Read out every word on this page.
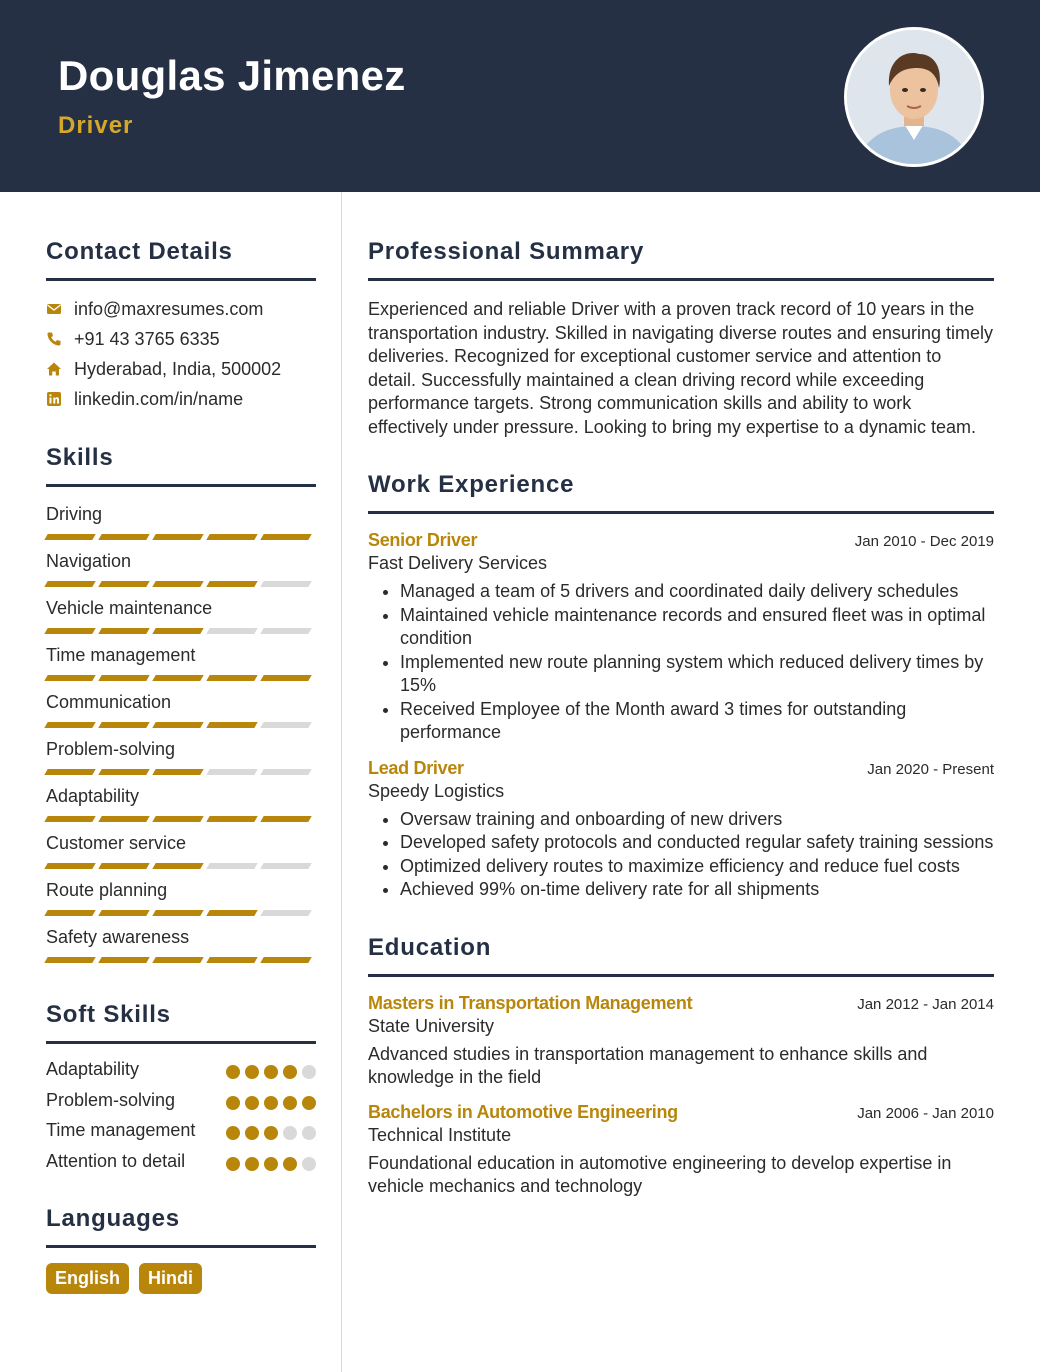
Douglas Jimenez
Driver
Contact Details
info@maxresumes.com
+91 43 3765 6335
Hyderabad, India, 500002
linkedin.com/in/name
Skills
Driving
Navigation
Vehicle maintenance
Time management
Communication
Problem-solving
Adaptability
Customer service
Route planning
Safety awareness
Soft Skills
Adaptability
Problem-solving
Time management
Attention to detail
Languages
English	Hindi
Professional Summary
Experienced and reliable Driver with a proven track record of 10 years in the transportation industry. Skilled in navigating diverse routes and ensuring timely deliveries. Recognized for exceptional customer service and attention to detail. Successfully maintained a clean driving record while exceeding performance targets. Strong communication skills and ability to work effectively under pressure. Looking to bring my expertise to a dynamic team.
Work Experience
Senior Driver	Jan 2010 - Dec 2019
Fast Delivery Services
• Managed a team of 5 drivers and coordinated daily delivery schedules
• Maintained vehicle maintenance records and ensured fleet was in optimal condition
• Implemented new route planning system which reduced delivery times by 15%
• Received Employee of the Month award 3 times for outstanding performance
Lead Driver	Jan 2020 - Present
Speedy Logistics
• Oversaw training and onboarding of new drivers
• Developed safety protocols and conducted regular safety training sessions
• Optimized delivery routes to maximize efficiency and reduce fuel costs
• Achieved 99% on-time delivery rate for all shipments
Education
Masters in Transportation Management	Jan 2012 - Jan 2014
State University
Advanced studies in transportation management to enhance skills and knowledge in the field
Bachelors in Automotive Engineering	Jan 2006 - Jan 2010
Technical Institute
Foundational education in automotive engineering to develop expertise in vehicle mechanics and technology
